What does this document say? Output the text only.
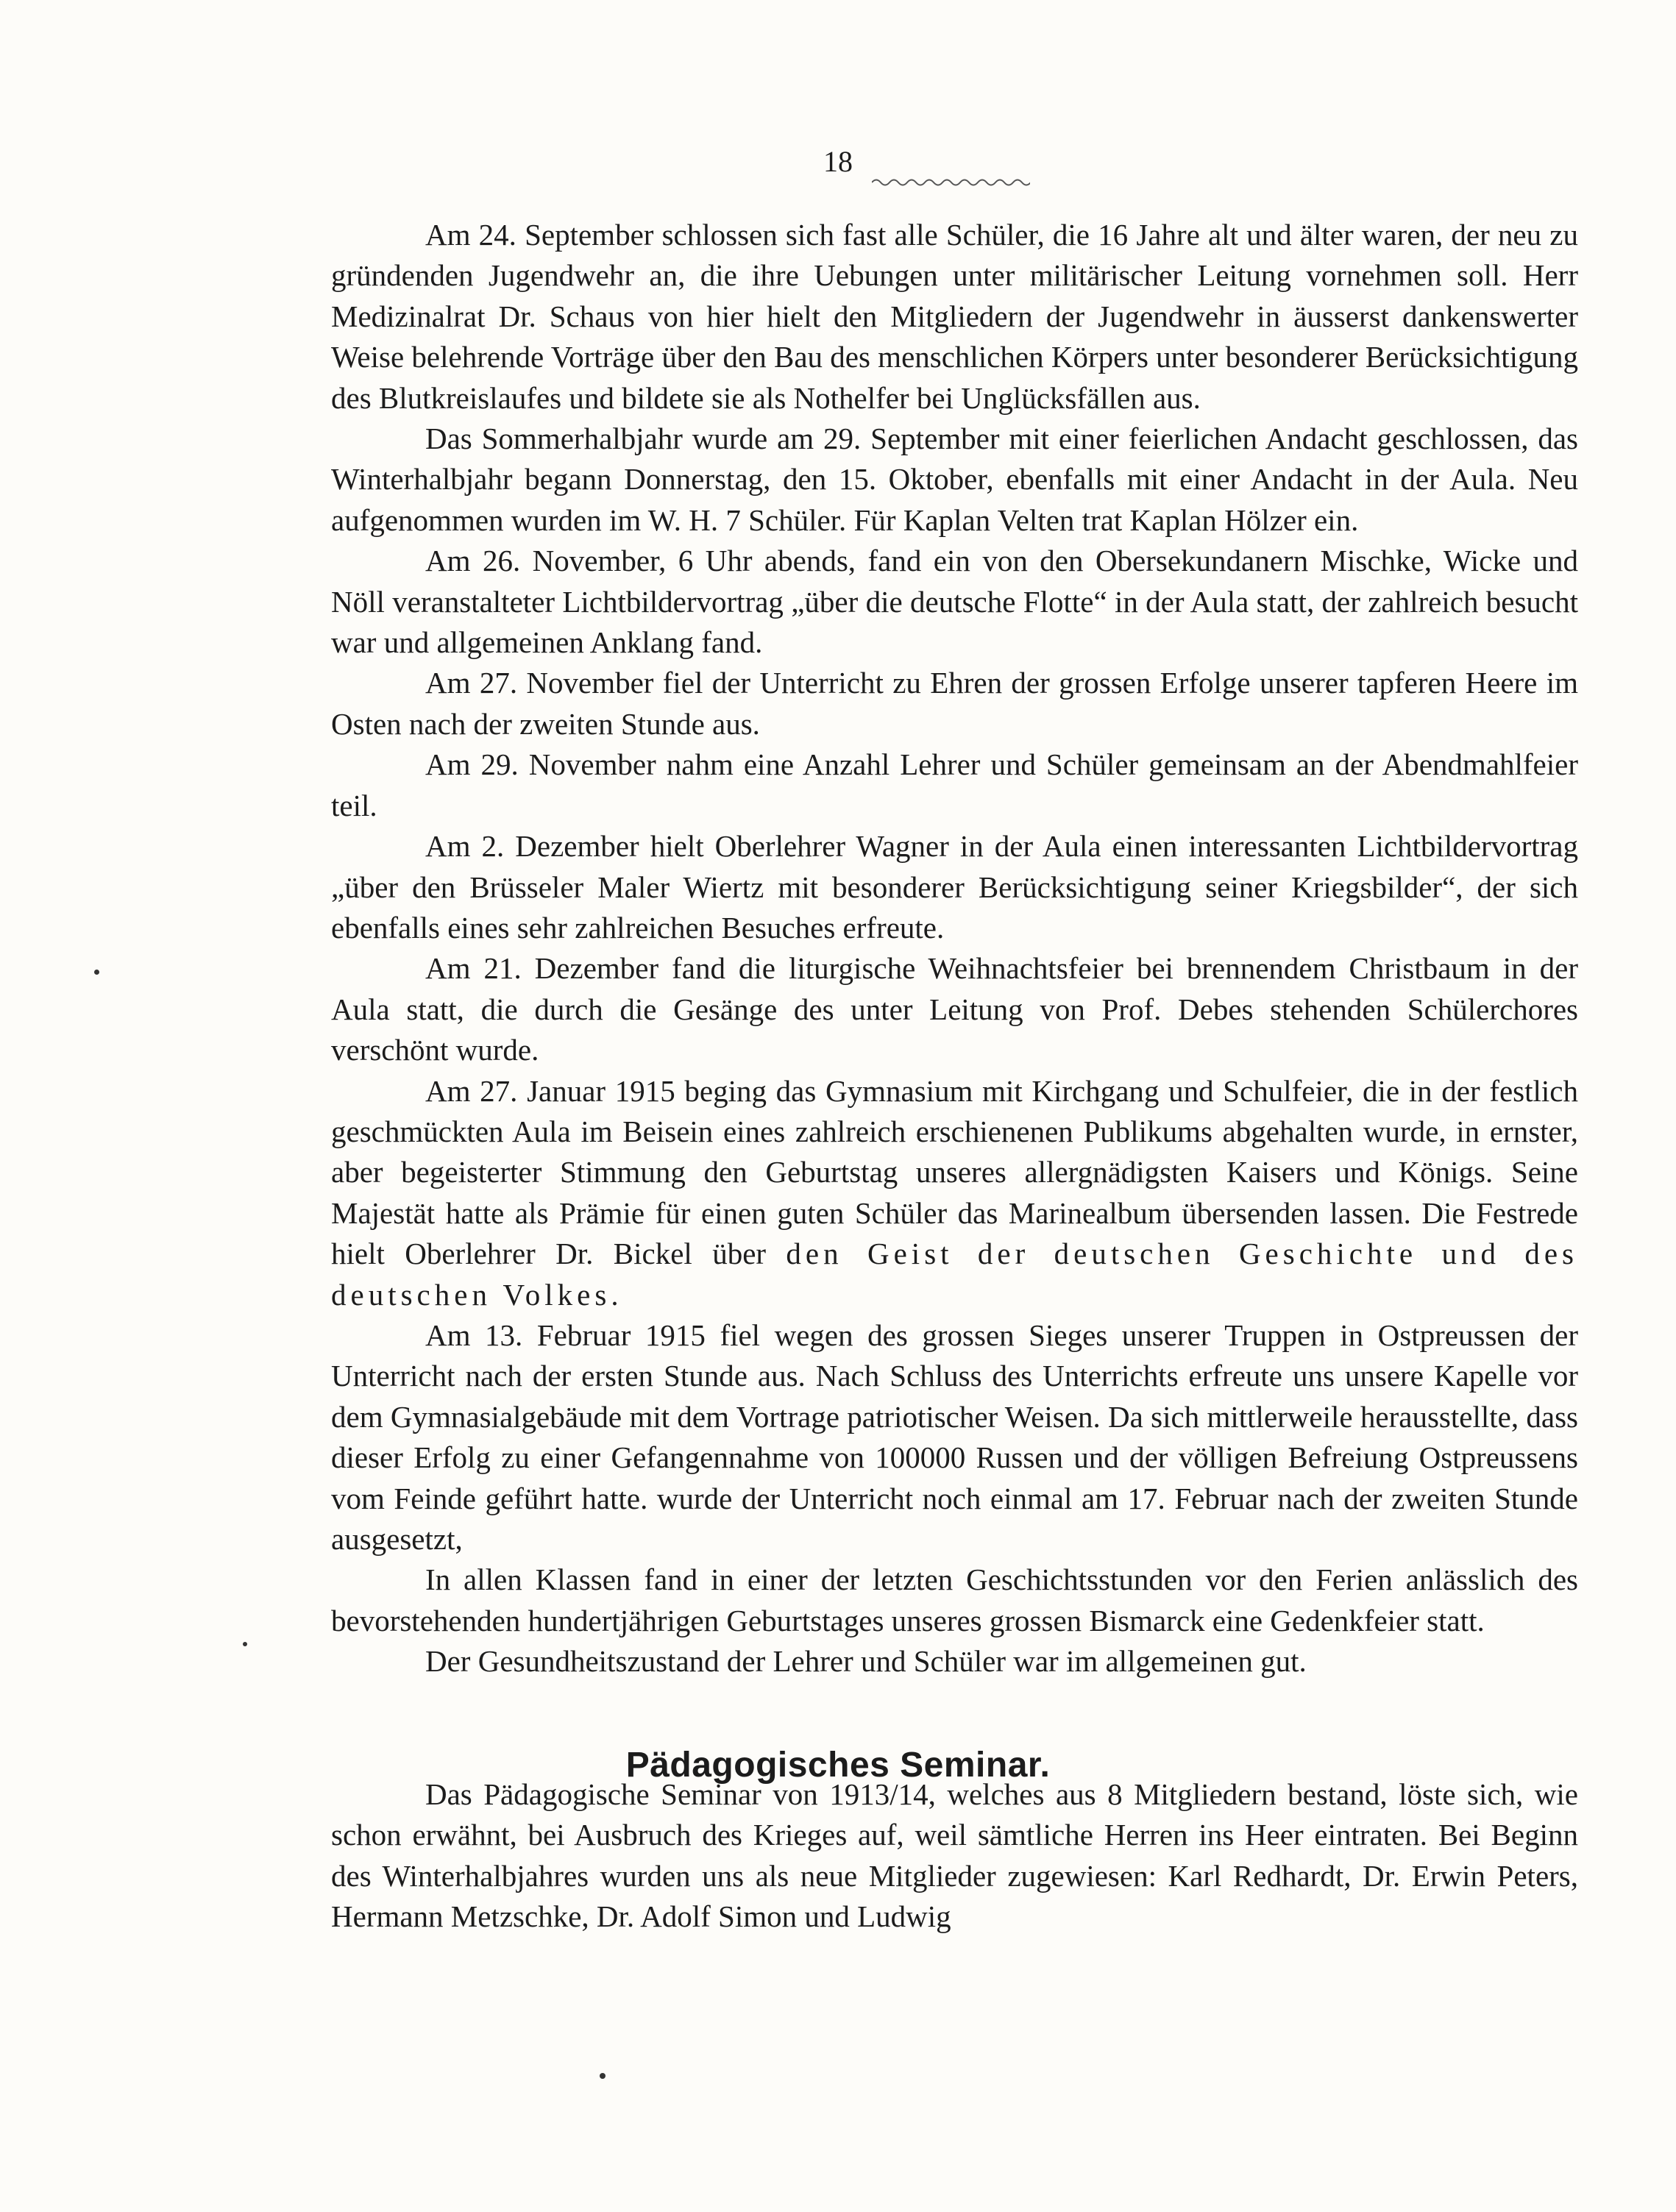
18

Am 24. September schlossen sich fast alle Schüler, die 16 Jahre alt und älter waren, der neu zu gründenden Jugendwehr an, die ihre Uebungen unter militärischer Leitung vornehmen soll. Herr Medizinalrat Dr. Schaus von hier hielt den Mitgliedern der Jugendwehr in äusserst dankenswerter Weise belehrende Vorträge über den Bau des menschlichen Körpers unter besonderer Berücksichtigung des Blutkreislaufes und bildete sie als Nothelfer bei Unglücksfällen aus.

Das Sommerhalbjahr wurde am 29. September mit einer feierlichen Andacht geschlossen, das Winterhalbjahr begann Donnerstag, den 15. Oktober, ebenfalls mit einer Andacht in der Aula. Neu aufgenommen wurden im W. H. 7 Schüler. Für Kaplan Velten trat Kaplan Hölzer ein.

Am 26. November, 6 Uhr abends, fand ein von den Obersekundanern Mischke, Wicke und Nöll veranstalteter Lichtbildervortrag „über die deutsche Flotte“ in der Aula statt, der zahlreich besucht war und allgemeinen Anklang fand.

Am 27. November fiel der Unterricht zu Ehren der grossen Erfolge unserer tapferen Heere im Osten nach der zweiten Stunde aus.

Am 29. November nahm eine Anzahl Lehrer und Schüler gemeinsam an der Abendmahlfeier teil.

Am 2. Dezember hielt Oberlehrer Wagner in der Aula einen interessanten Lichtbildervortrag „über den Brüsseler Maler Wiertz mit besonderer Berücksichtigung seiner Kriegsbilder“, der sich ebenfalls eines sehr zahlreichen Besuches erfreute.

Am 21. Dezember fand die liturgische Weihnachtsfeier bei brennendem Christbaum in der Aula statt, die durch die Gesänge des unter Leitung von Prof. Debes stehenden Schülerchores verschönt wurde.

Am 27. Januar 1915 beging das Gymnasium mit Kirchgang und Schulfeier, die in der festlich geschmückten Aula im Beisein eines zahlreich erschienenen Publikums abgehalten wurde, in ernster, aber begeisterter Stimmung den Geburtstag unseres allergnädigsten Kaisers und Königs. Seine Majestät hatte als Prämie für einen guten Schüler das Marinealbum übersenden lassen. Die Festrede hielt Oberlehrer Dr. Bickel über den Geist der deutschen Geschichte und des deutschen Volkes.

Am 13. Februar 1915 fiel wegen des grossen Sieges unserer Truppen in Ostpreussen der Unterricht nach der ersten Stunde aus. Nach Schluss des Unterrichts erfreute uns unsere Kapelle vor dem Gymnasialgebäude mit dem Vortrage patriotischer Weisen. Da sich mittlerweile herausstellte, dass dieser Erfolg zu einer Gefangennahme von 100000 Russen und der völligen Befreiung Ostpreussens vom Feinde geführt hatte. wurde der Unterricht noch einmal am 17. Februar nach der zweiten Stunde ausgesetzt,

In allen Klassen fand in einer der letzten Geschichtsstunden vor den Ferien anlässlich des bevorstehenden hundertjährigen Geburtstages unseres grossen Bismarck eine Gedenkfeier statt.

Der Gesundheitszustand der Lehrer und Schüler war im allgemeinen gut.

Pädagogisches Seminar.

Das Pädagogische Seminar von 1913/14, welches aus 8 Mitgliedern bestand, löste sich, wie schon erwähnt, bei Ausbruch des Krieges auf, weil sämtliche Herren ins Heer eintraten. Bei Beginn des Winterhalbjahres wurden uns als neue Mitglieder zugewiesen: Karl Redhardt, Dr. Erwin Peters, Hermann Metzschke, Dr. Adolf Simon und Ludwig
